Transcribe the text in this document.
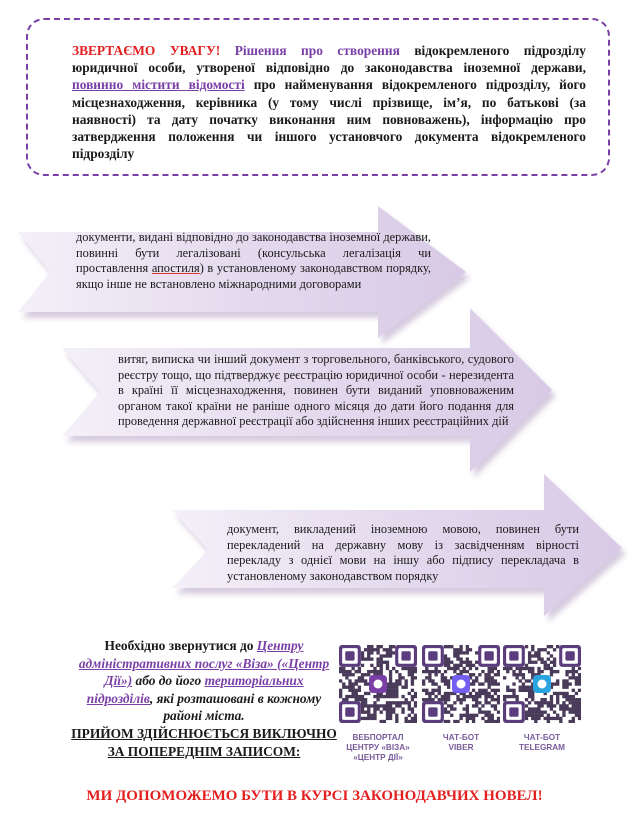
ЗВЕРТАЄМО УВАГУ! Рішення про створення відокремленого підрозділу юридичної особи, утвореної відповідно до законодавства іноземної держави, повинно містити відомості про найменування відокремленого підрозділу, його місцезнаходження, керівника (у тому числі прізвище, ім’я, по батькові (за наявності) та дату початку виконання ним повноважень), інформацію про затвердження положення чи іншого установчого документа відокремленого підрозділу

документи, видані відповідно до законодавства іноземної держави, повинні бути легалізовані (консульська легалізація чи проставлення апостиля) в установленому законодавством порядку, якщо інше не встановлено міжнародними договорами
витяг, виписка чи інший документ з торговельного, банківського, судового реєстру тощо, що підтверджує реєстрацію юридичної особи - нерезидента в країні її місцезнаходження, повинен бути виданий уповноваженим органом такої країни не раніше одного місяця до дати його подання для проведення державної реєстрації або здійснення інших реєстраційних дій
документ, викладений іноземною мовою, повинен бути перекладений на державну мову із засвідченням вірності перекладу з однієї мови на іншу або підпису перекладача в установленому законодавством порядку
Необхідно звернутися до Центру адміністративних послуг «Віза» («Центр Дії») або до його територіальних підрозділів, які розташовані в кожному районі міста.
ПРИЙОМ ЗДІЙСНЮЄТЬСЯ ВИКЛЮЧНО ЗА ПОПЕРЕДНІМ ЗАПИСОМ:
ВЕБПОРТАЛ
ЦЕНТРУ «ВІЗА»
«ЦЕНТР ДІЇ»
ЧАТ-БОТ
VIBER
ЧАТ-БОТ
TELEGRAM
МИ ДОПОМОЖЕМО БУТИ В КУРСІ ЗАКОНОДАВЧИХ НОВЕЛ!
